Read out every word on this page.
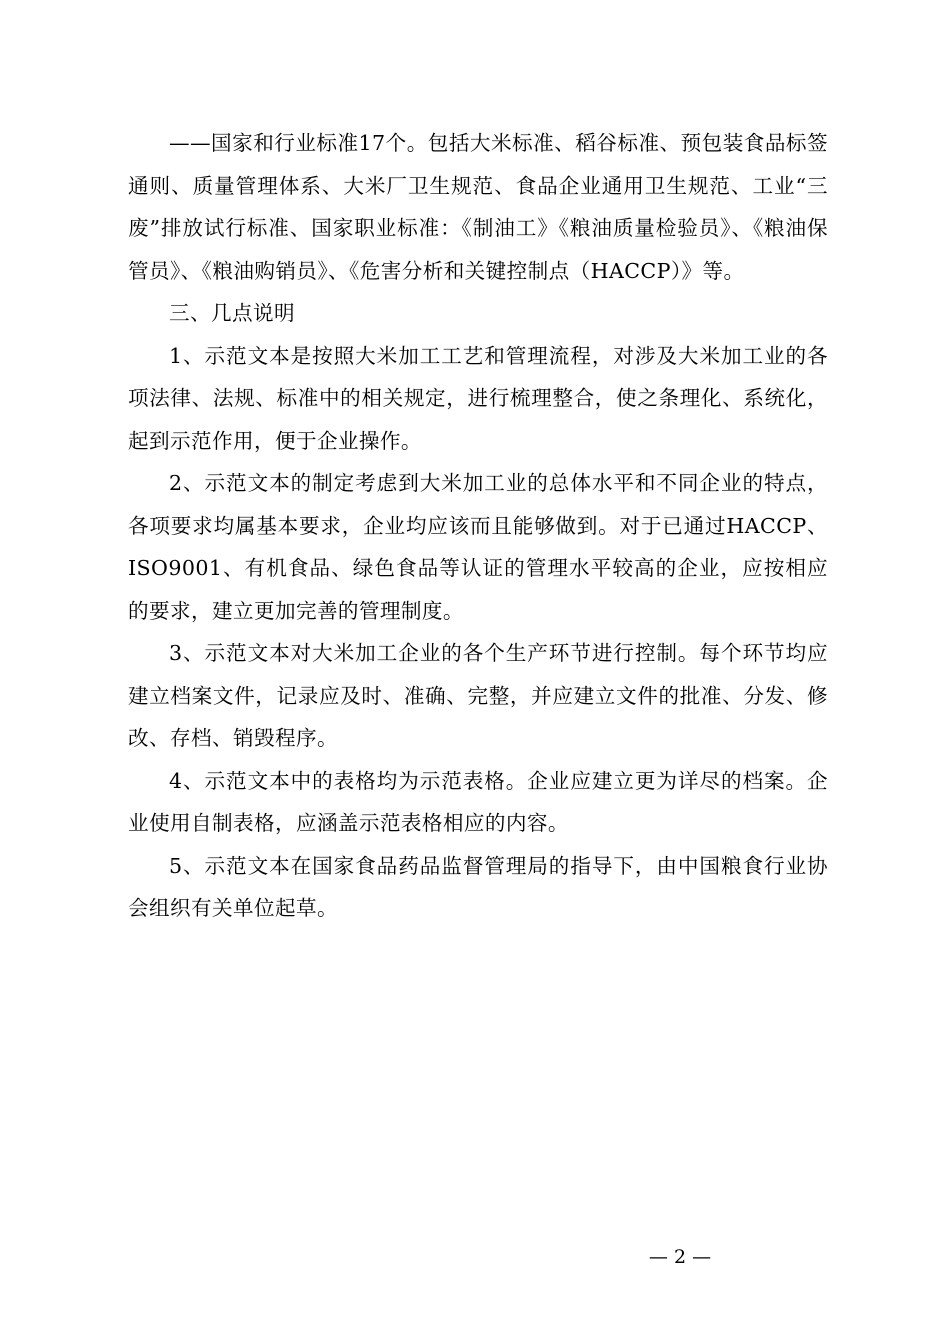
——国家和行业标准17个。包括大米标准、稻谷标准、预包装食品标签通则、质量管理体系、大米厂卫生规范、食品企业通用卫生规范、工业“三废”排放试行标准、国家职业标准：《制油工》《粮油质量检验员》、《粮油保管员》、《粮油购销员》、《危害分析和关键控制点（HACCP）》等。

三、几点说明

1、示范文本是按照大米加工工艺和管理流程，对涉及大米加工业的各项法律、法规、标准中的相关规定，进行梳理整合，使之条理化、系统化，起到示范作用，便于企业操作。

2、示范文本的制定考虑到大米加工业的总体水平和不同企业的特点，各项要求均属基本要求，企业均应该而且能够做到。对于已通过HACCP、ISO9001、有机食品、绿色食品等认证的管理水平较高的企业，应按相应的要求，建立更加完善的管理制度。

3、示范文本对大米加工企业的各个生产环节进行控制。每个环节均应建立档案文件，记录应及时、准确、完整，并应建立文件的批准、分发、修改、存档、销毁程序。

4、示范文本中的表格均为示范表格。企业应建立更为详尽的档案。企业使用自制表格，应涵盖示范表格相应的内容。

5、示范文本在国家食品药品监督管理局的指导下，由中国粮食行业协会组织有关单位起草。

— 2 —
